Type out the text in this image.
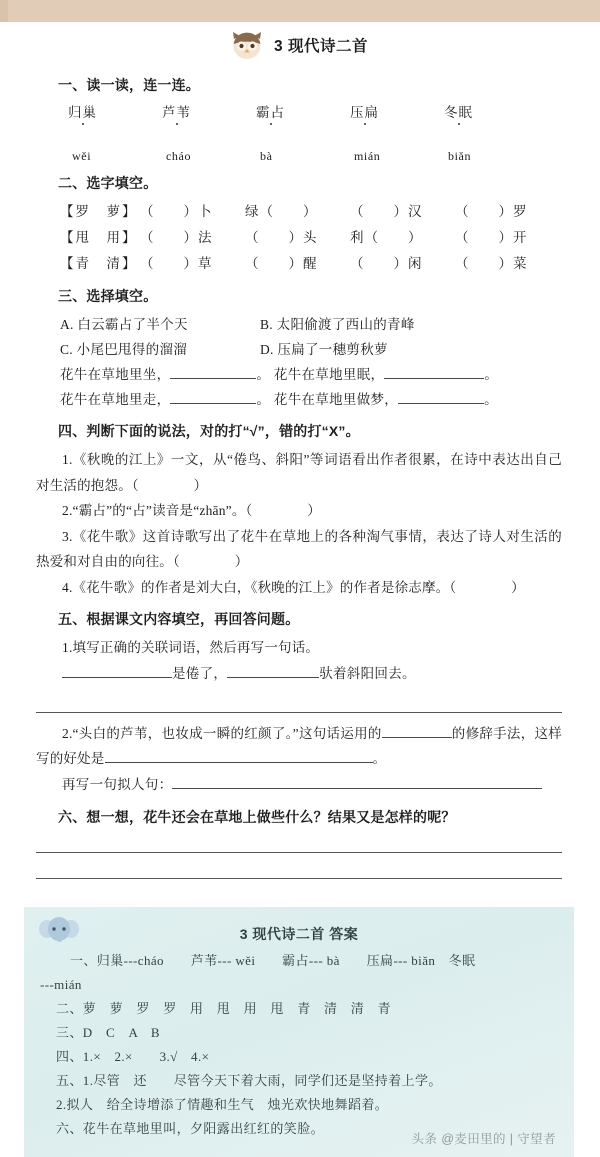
3 现代诗二首
一、读一读，连一连。
归巢	芦苇	霸占	压扁	冬眠
wěi	cháo	bà	mián	biǎn
二、选字填空。
【罗　萝】 （　　）卜	绿（　　）	（　　）汉	（　　）罗
【甩　用】 （　　）法	（　　）头	利（　　）	（　　）开
【青　清】 （　　）草	（　　）醒	（　　）闲	（　　）菜
三、选择填空。
A. 白云霸占了半个天	B. 太阳偷渡了西山的青峰
C. 小尾巴甩得的溜溜	D. 压扁了一穗剪秋萝
花牛在草地里坐，	。 花牛在草地里眠，	。
花牛在草地里走，	。 花牛在草地里做梦，	。
四、判断下面的说法，对的打“√”，错的打“X”。

1.《秋晚的江上》一文，从“倦鸟、斜阳”等词语看出作者很累，在诗中表达出自己对生活的抱怨。（　　　　）

2.“霸占”的“占”读音是“zhān”。（　　　　）

3.《花牛歌》这首诗歌写出了花牛在草地上的各种淘气事情，表达了诗人对生活的热爱和对自由的向往。（　　　　）

4.《花牛歌》的作者是刘大白，《秋晚的江上》的作者是徐志摩。（　　　　）

五、根据课文内容填空，再回答问题。

1.填写正确的关联词语，然后再写一句话。

是倦了，	驮着斜阳回去。

2.“头白的芦苇，也妆成一瞬的红颜了。”这句话运用的	的修辞手法，这样写的好处是	。

再写一句拟人句：
六、想一想，花牛还会在草地上做些什么？结果又是怎样的呢？
3 现代诗二首 答案

一、归巢---cháo　　芦苇--- wěi　　霸占--- bà　　压扁--- biǎn　冬眠

---mián

二、萝　萝　罗　罗　用　甩　用　甩　青　清　清　青

三、D　C　A　B

四、1.×　2.×　　3.√　4.×

五、1.尽管　还　　尽管今天下着大雨，同学们还是坚持着上学。

2.拟人　给全诗增添了情趣和生气　烛光欢快地舞蹈着。

六、花牛在草地里叫，夕阳露出红红的笑脸。

头条 @麦田里的 | 守望者
